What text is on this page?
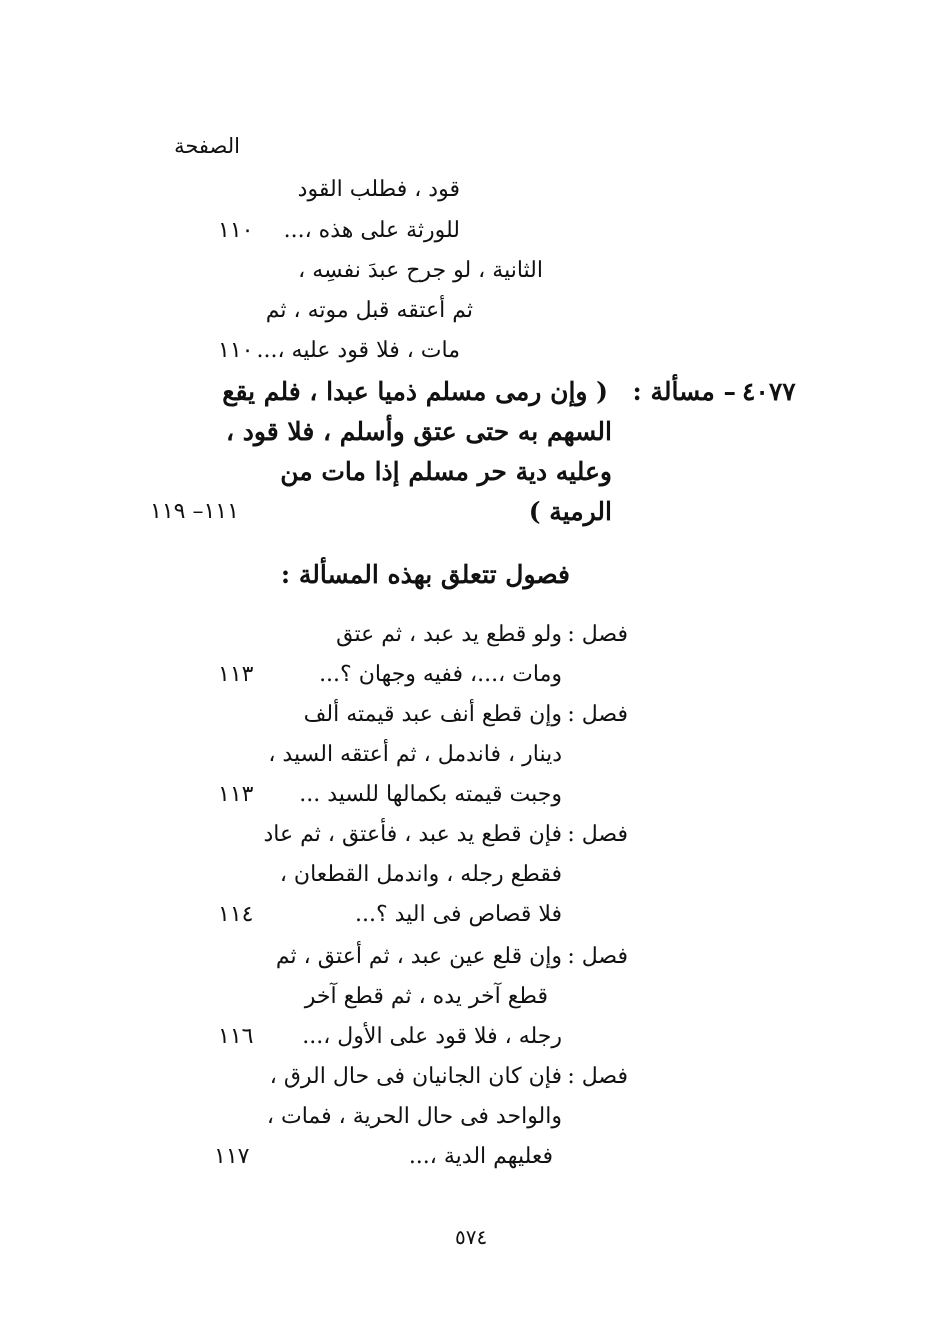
الصفحة
قود ، فطلب القود
للورثة على هذه ،...
١١٠
الثانية ، لو جرح عبدَ نفسِه ،
ثم أعتقه قبل موته ، ثم
مات ، فلا قود عليه ،...
١١٠
٤٠٧٧
– مسألة :
( وإن رمى مسلم ذميا عبدا ، فلم يقع
السهم به حتى عتق وأسلم ، فلا قود ،
وعليه دية حر مسلم إذا مات من
الرمية )
١١١– ١١٩
فصول تتعلق بهذه المسألة :
فصل :
ولو قطع يد عبد ، ثم عتق
ومات ،...، ففيه وجهان ؟...
١١٣
فصل :
وإن قطع أنف عبد قيمته ألف
دينار ، فاندمل ، ثم أعتقه السيد ،
وجبت قيمته بكمالها للسيد ...
١١٣
فصل :
فإن قطع يد عبد ، فأعتق ، ثم عاد
فقطع رجله ، واندمل القطعان ،
فلا قصاص فى اليد ؟...
١١٤
فصل :
وإن قلع عين عبد ، ثم أعتق ، ثم
قطع آخر يده ، ثم قطع آخر
رجله ، فلا قود على الأول ،...
١١٦
فصل :
فإن كان الجانيان فى حال الرق ،
والواحد فى حال الحرية ، فمات ،
فعليهم الدية ،...
١١٧
٥٧٤
